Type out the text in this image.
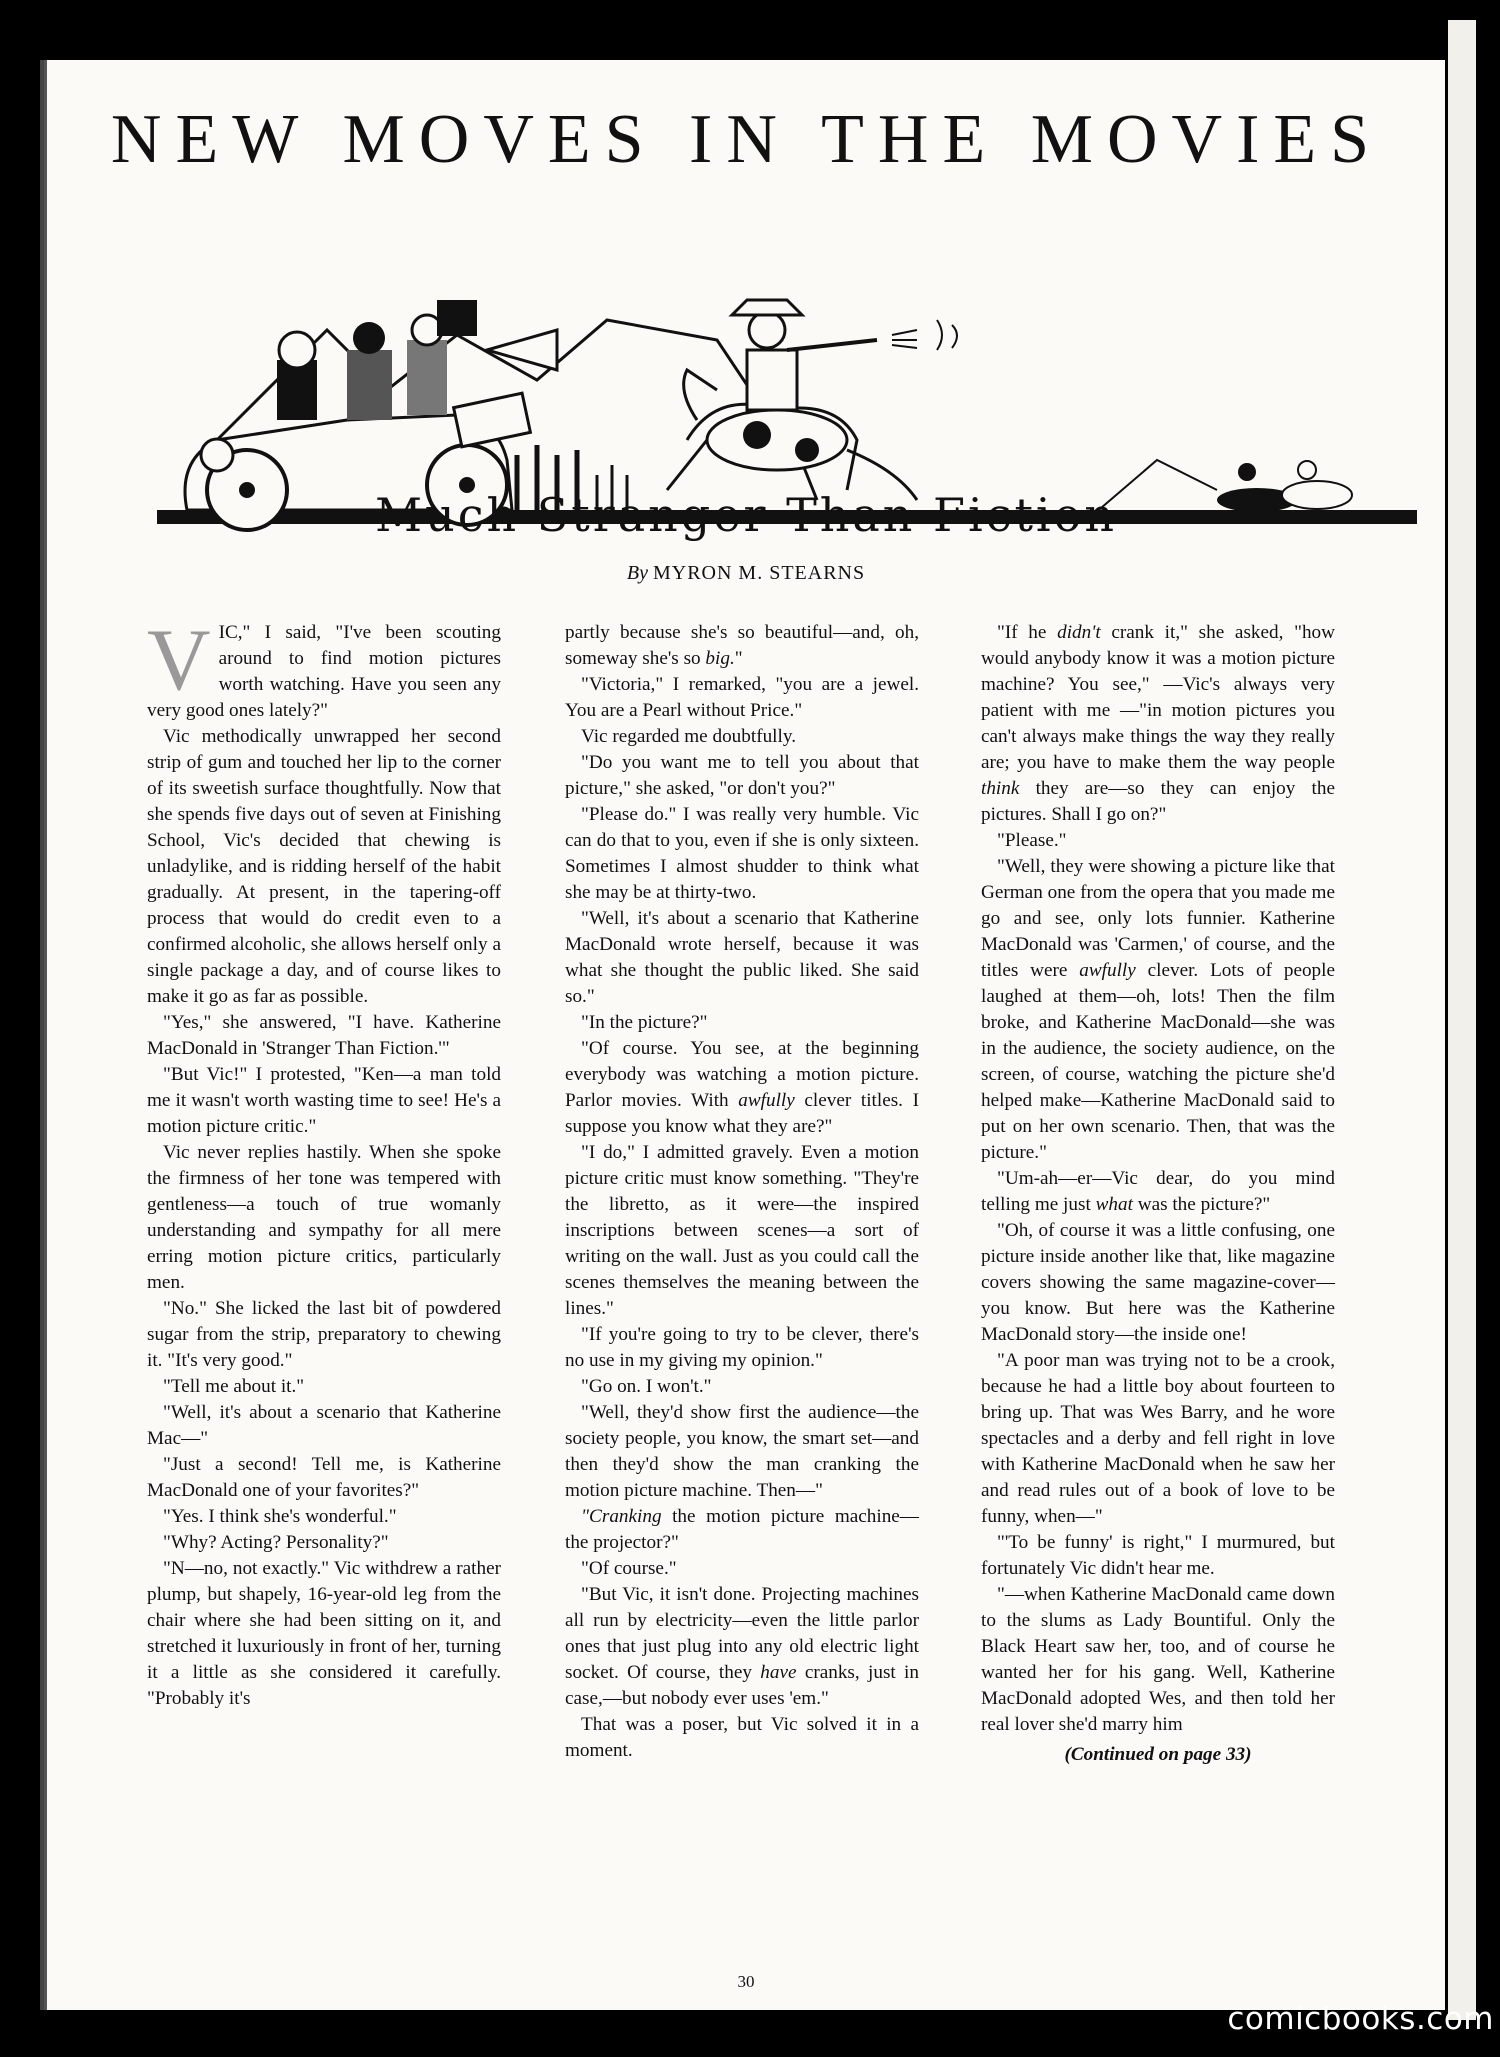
NEW MOVES IN THE MOVIES
Much Stranger Than Fiction
By MYRON M. STEARNS

VIC," I said, "I've been scouting around to find motion pictures worth watching. Have you seen any very good ones lately?"

Vic methodically unwrapped her second strip of gum and touched her lip to the corner of its sweetish surface thoughtfully. Now that she spends five days out of seven at Finishing School, Vic's decided that chewing is unladylike, and is ridding herself of the habit gradually. At present, in the tapering-off process that would do credit even to a confirmed alcoholic, she allows herself only a single package a day, and of course likes to make it go as far as possible.

"Yes," she answered, "I have. Katherine MacDonald in 'Stranger Than Fiction.'"

"But Vic!" I protested, "Ken—a man told me it wasn't worth wasting time to see! He's a motion picture critic."

Vic never replies hastily. When she spoke the firmness of her tone was tempered with gentleness—a touch of true womanly understanding and sympathy for all mere erring motion picture critics, particularly men.

"No." She licked the last bit of powdered sugar from the strip, preparatory to chewing it. "It's very good."

"Tell me about it."

"Well, it's about a scenario that Katherine Mac—"

"Just a second! Tell me, is Katherine MacDonald one of your favorites?"

"Yes. I think she's wonderful."

"Why? Acting? Personality?"

"N—no, not exactly." Vic withdrew a rather plump, but shapely, 16-year-old leg from the chair where she had been sitting on it, and stretched it luxuriously in front of her, turning it a little as she considered it carefully. "Probably it's

partly because she's so beautiful—and, oh, someway she's so big."

"Victoria," I remarked, "you are a jewel. You are a Pearl without Price."

Vic regarded me doubtfully.

"Do you want me to tell you about that picture," she asked, "or don't you?"

"Please do." I was really very humble. Vic can do that to you, even if she is only sixteen. Sometimes I almost shudder to think what she may be at thirty-two.

"Well, it's about a scenario that Katherine MacDonald wrote herself, because it was what she thought the public liked. She said so."

"In the picture?"

"Of course. You see, at the beginning everybody was watching a motion picture. Parlor movies. With awfully clever titles. I suppose you know what they are?"

"I do," I admitted gravely. Even a motion picture critic must know something. "They're the libretto, as it were—the inspired inscriptions between scenes—a sort of writing on the wall. Just as you could call the scenes themselves the meaning between the lines."

"If you're going to try to be clever, there's no use in my giving my opinion."

"Go on. I won't."

"Well, they'd show first the audience—the society people, you know, the smart set—and then they'd show the man cranking the motion picture machine. Then—"

"Cranking the motion picture machine—the projector?"

"Of course."

"But Vic, it isn't done. Projecting machines all run by electricity—even the little parlor ones that just plug into any old electric light socket. Of course, they have cranks, just in case,—but nobody ever uses 'em."

That was a poser, but Vic solved it in a moment.

"If he didn't crank it," she asked, "how would anybody know it was a motion picture machine? You see," —Vic's always very patient with me —"in motion pictures you can't always make things the way they really are; you have to make them the way people think they are—so they can enjoy the pictures. Shall I go on?"

"Please."

"Well, they were showing a picture like that German one from the opera that you made me go and see, only lots funnier. Katherine MacDonald was 'Carmen,' of course, and the titles were awfully clever. Lots of people laughed at them—oh, lots! Then the film broke, and Katherine MacDonald—she was in the audience, the society audience, on the screen, of course, watching the picture she'd helped make—Katherine MacDonald said to put on her own scenario. Then, that was the picture."

"Um-ah—er—Vic dear, do you mind telling me just what was the picture?"

"Oh, of course it was a little confusing, one picture inside another like that, like magazine covers showing the same magazine-cover—you know. But here was the Katherine MacDonald story—the inside one!

"A poor man was trying not to be a crook, because he had a little boy about fourteen to bring up. That was Wes Barry, and he wore spectacles and a derby and fell right in love with Katherine MacDonald when he saw her and read rules out of a book of love to be funny, when—"

"'To be funny' is right," I murmured, but fortunately Vic didn't hear me.

"—when Katherine MacDonald came down to the slums as Lady Bountiful. Only the Black Heart saw her, too, and of course he wanted her for his gang. Well, Katherine MacDonald adopted Wes, and then told her real lover she'd marry him

(Continued on page 33)

30
comicbooks.com
